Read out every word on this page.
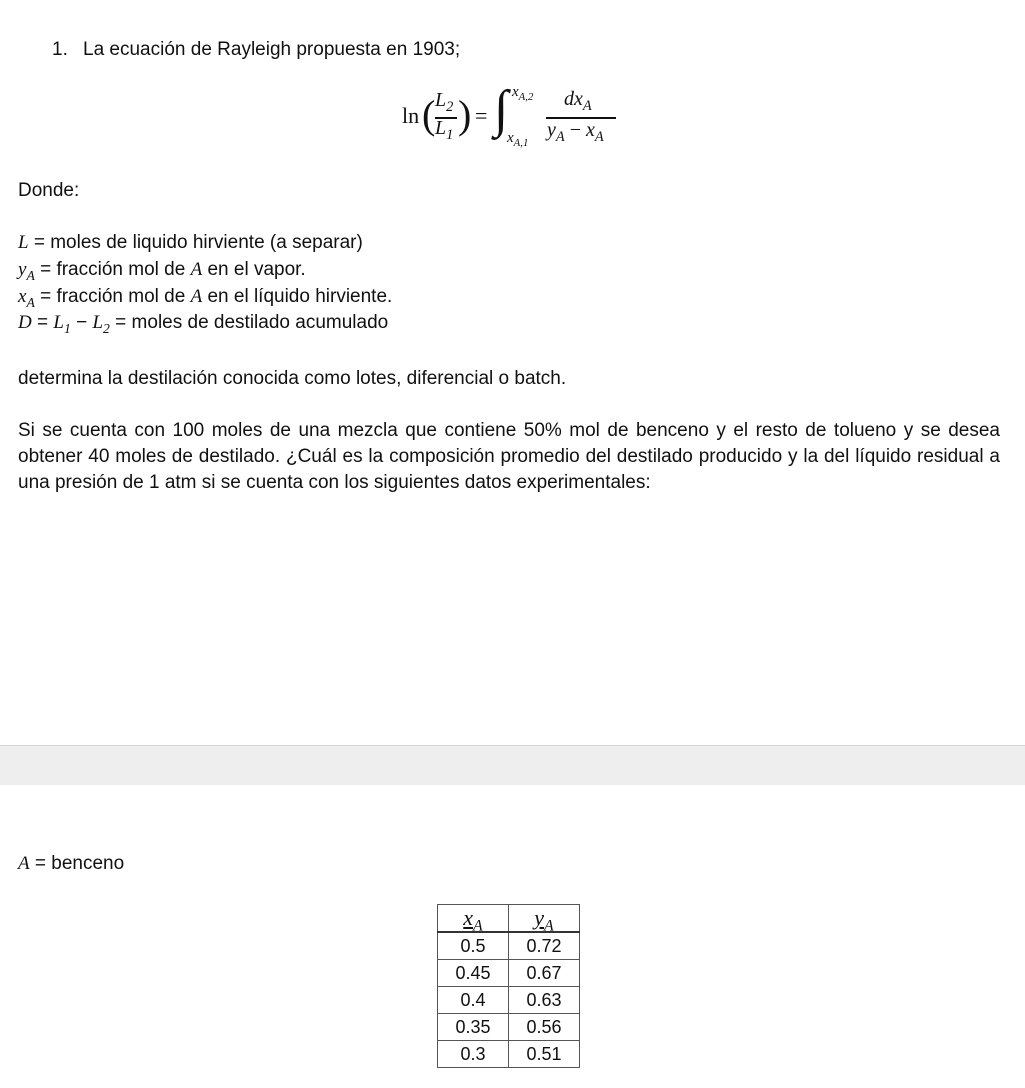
1. La ecuación de Rayleigh propuesta en 1903;
ln ( $L_2$
$L_1$ ) = ∫ $x_{A,2}$
$x_{A,1}$
$dx_A$
$y_A - x_A$
Donde:
L = moles de liquido hirviente (a separar)
$y_A$ = fracción mol de A en el vapor.
$x_A$ = fracción mol de A en el líquido hirviente.
$D = L_1 - L_2$ = moles de destilado acumulado
determina la destilación conocida como lotes, diferencial o batch.
Si se cuenta con 100 moles de una mezcla que contiene 50% mol de benceno y el resto de tolueno y se desea obtener 40 moles de destilado. ¿Cuál es la composición promedio del destilado producido y la del líquido residual a una presión de 1 atm si se cuenta con los siguientes datos experimentales:
A = benceno
$x_A$	$y_A$
0.5	0.72
0.45	0.67
0.4	0.63
0.35	0.56
0.3	0.51
